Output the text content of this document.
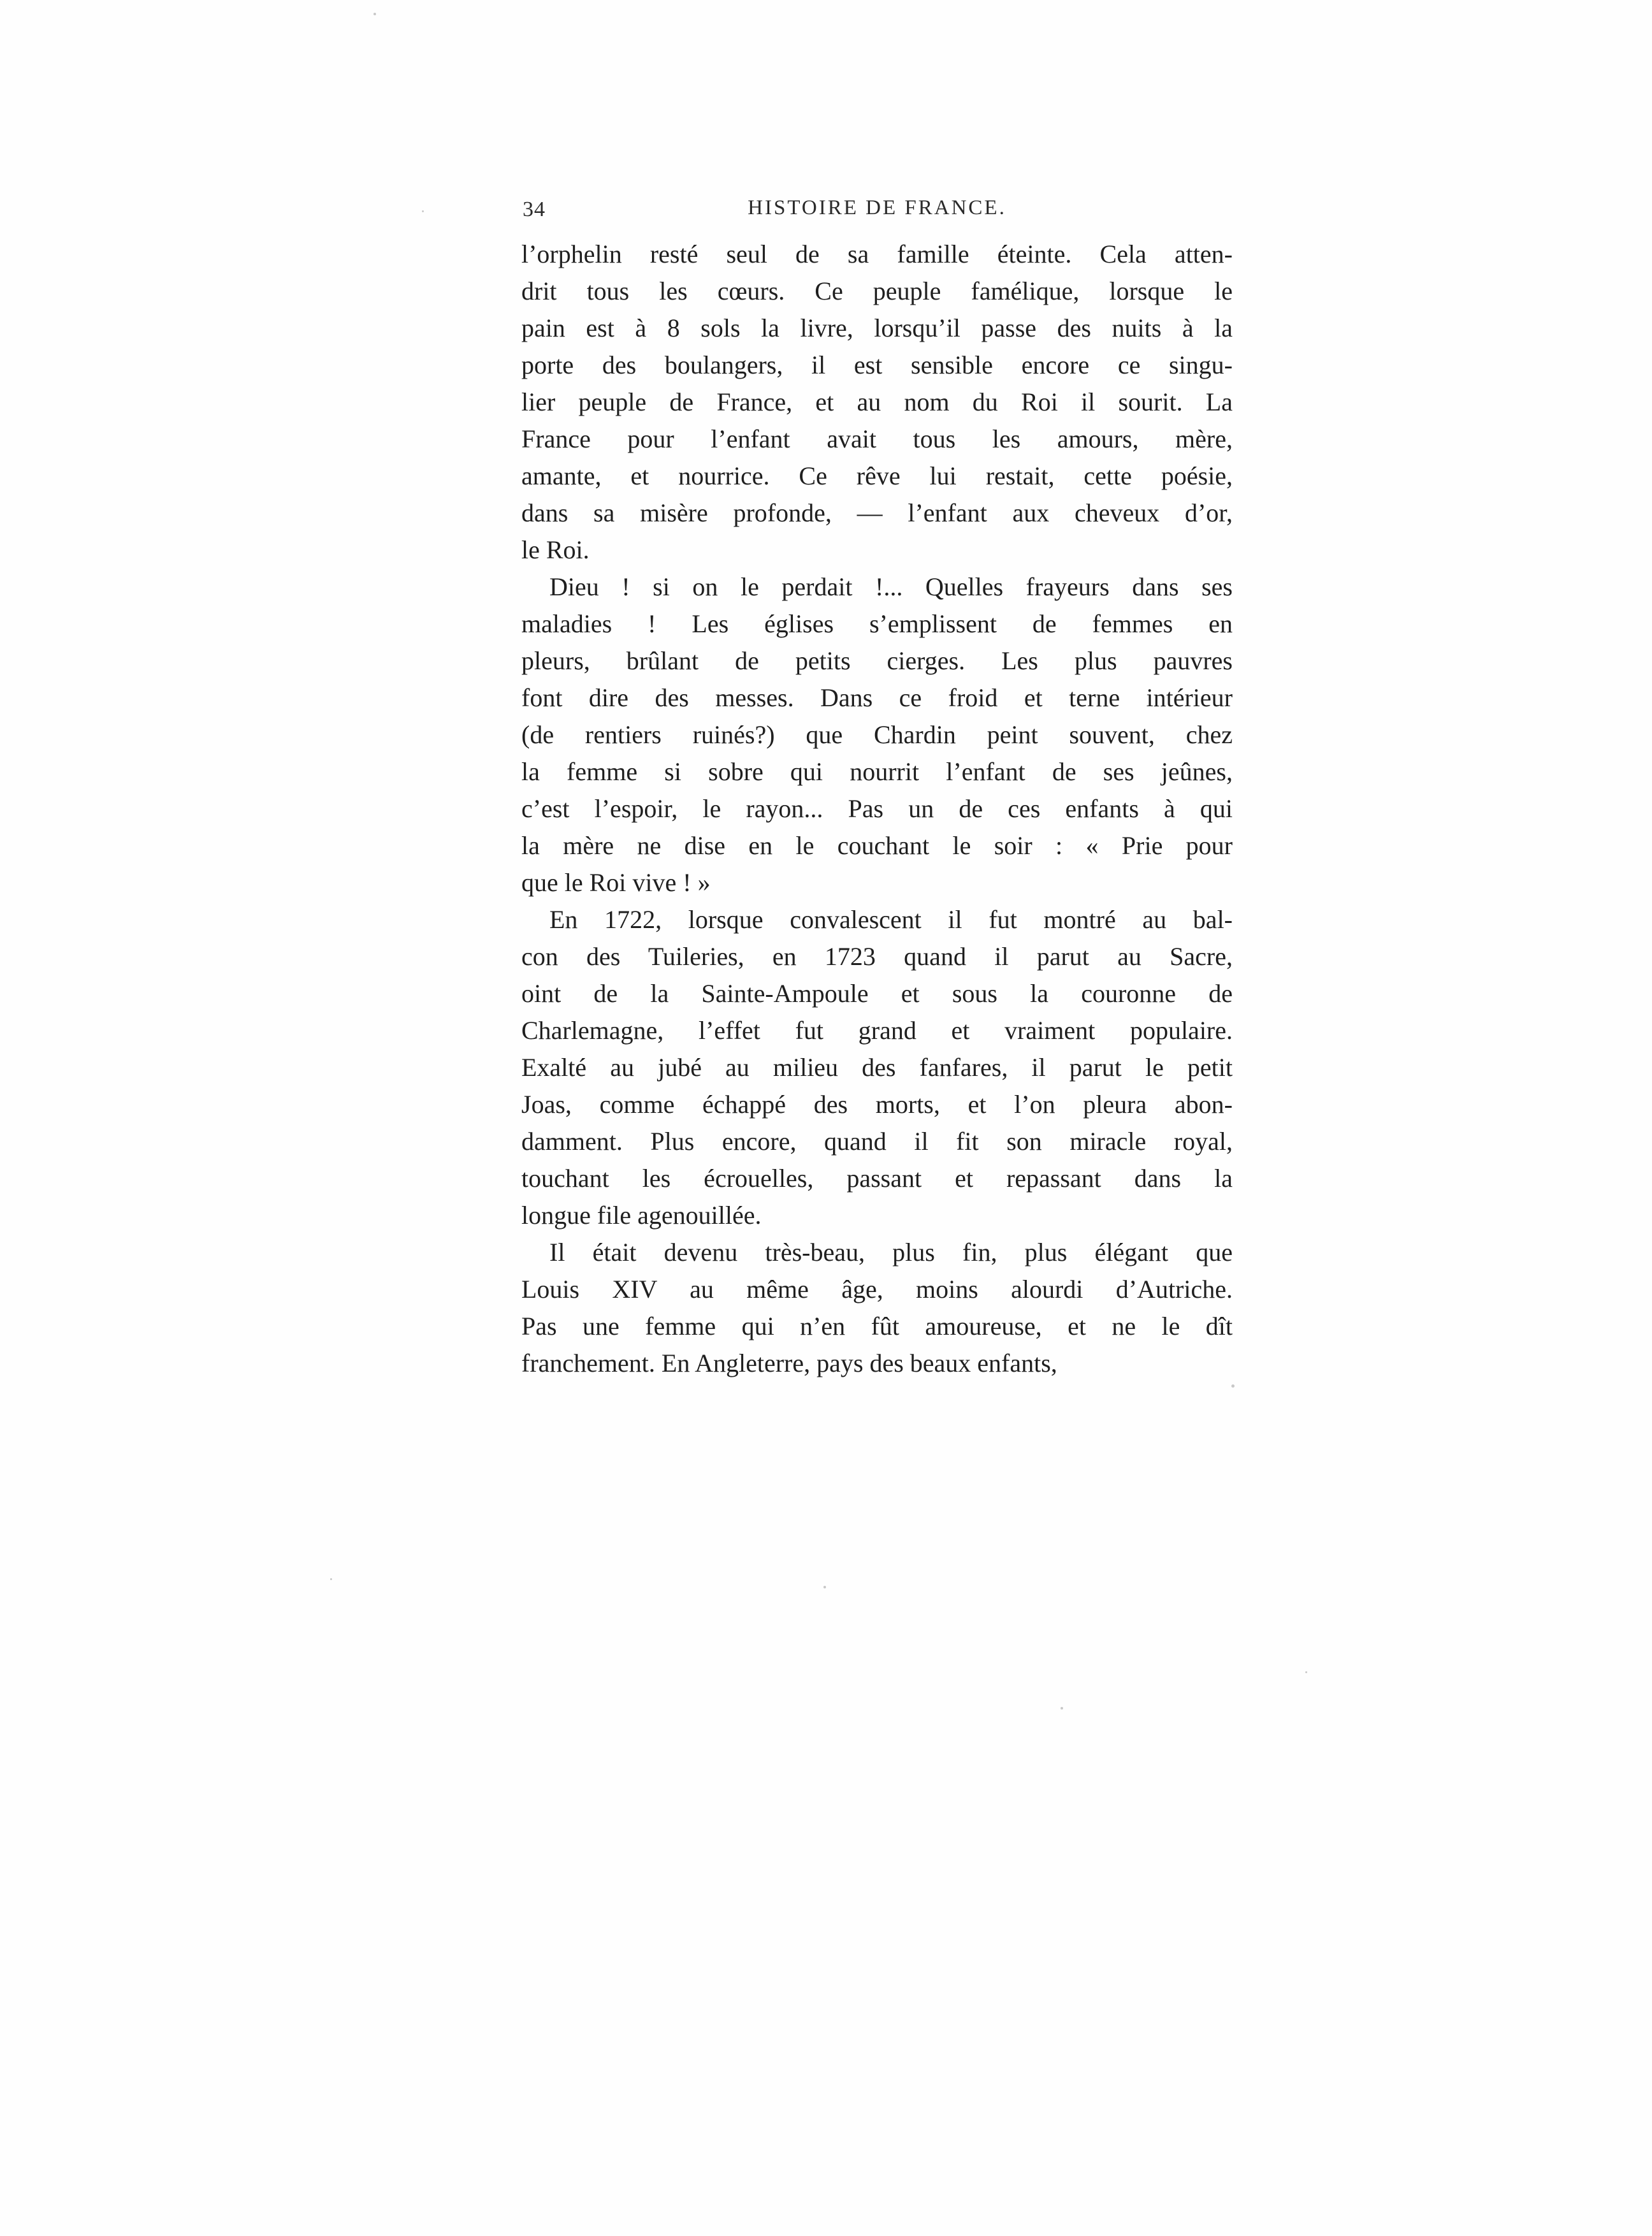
34	HISTOIRE DE FRANCE.
l’orphelin resté seul de sa famille éteinte. Cela atten-
drit tous les cœurs. Ce peuple famélique, lorsque le
pain est à 8 sols la livre, lorsqu’il passe des nuits à la
porte des boulangers, il est sensible encore ce singu-
lier peuple de France, et au nom du Roi il sourit. La
France pour l’enfant avait tous les amours, mère,
amante, et nourrice. Ce rêve lui restait, cette poésie,
dans sa misère profonde, — l’enfant aux cheveux d’or,
le Roi.
Dieu ! si on le perdait !... Quelles frayeurs dans ses
maladies ! Les églises s’emplissent de femmes en
pleurs, brûlant de petits cierges. Les plus pauvres
font dire des messes. Dans ce froid et terne intérieur
(de rentiers ruinés?) que Chardin peint souvent, chez
la femme si sobre qui nourrit l’enfant de ses jeûnes,
c’est l’espoir, le rayon... Pas un de ces enfants à qui
la mère ne dise en le couchant le soir : « Prie pour
que le Roi vive ! »
En 1722, lorsque convalescent il fut montré au bal-
con des Tuileries, en 1723 quand il parut au Sacre,
oint de la Sainte-Ampoule et sous la couronne de
Charlemagne, l’effet fut grand et vraiment populaire.
Exalté au jubé au milieu des fanfares, il parut le petit
Joas, comme échappé des morts, et l’on pleura abon-
damment. Plus encore, quand il fit son miracle royal,
touchant les écrouelles, passant et repassant dans la
longue file agenouillée.
Il était devenu très-beau, plus fin, plus élégant que
Louis XIV au même âge, moins alourdi d’Autriche.
Pas une femme qui n’en fût amoureuse, et ne le dît
franchement. En Angleterre, pays des beaux enfants,
